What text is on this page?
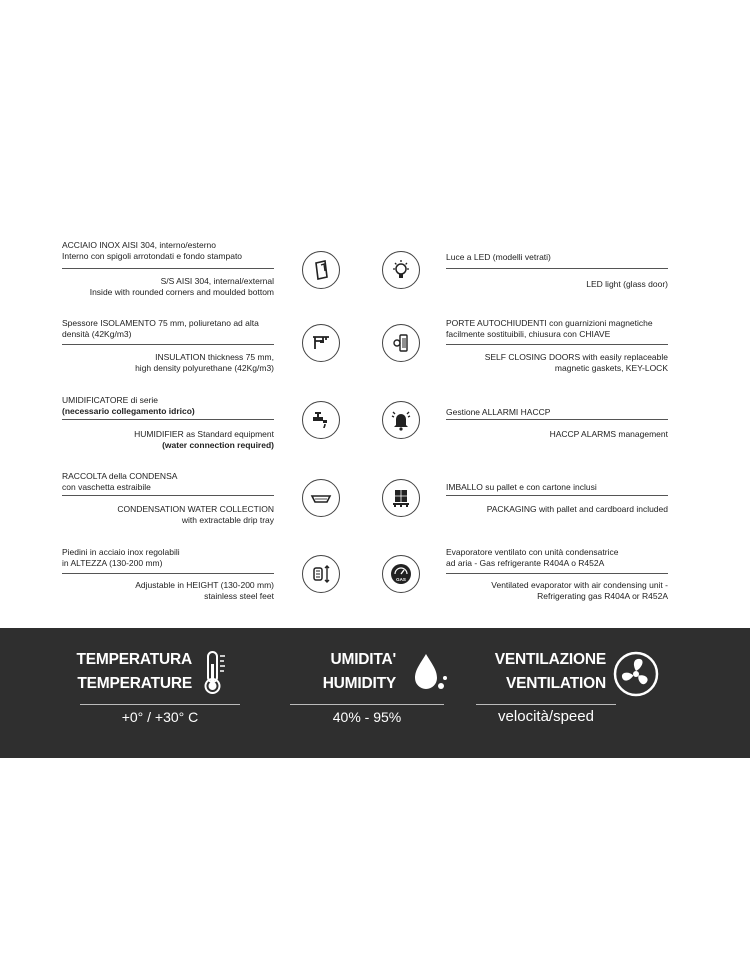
ACCIAIO INOX AISI 304, interno/esterno
Interno con spigoli arrotondati e fondo stampato
S/S AISI 304, internal/external
Inside with rounded corners and moulded bottom
Luce a LED (modelli vetrati)
LED light (glass door)
Spessore ISOLAMENTO 75 mm, poliuretano ad alta
densità (42Kg/m3)
INSULATION thickness 75 mm,
high density polyurethane (42Kg/m3)
PORTE AUTOCHIUDENTI con guarnizioni magnetiche
facilmente sostituibili, chiusura con CHIAVE
SELF CLOSING DOORS with easily replaceable
magnetic gaskets, KEY-LOCK
UMIDIFICATORE di serie
(necessario collegamento idrico)
HUMIDIFIER as Standard equipment
(water connection required)
Gestione ALLARMI HACCP
HACCP ALARMS management
RACCOLTA della CONDENSA
con vaschetta estraibile
CONDENSATION WATER COLLECTION
with extractable drip tray
IMBALLO su pallet e con cartone inclusi
PACKAGING with pallet and cardboard included
Piedini in acciaio inox regolabili
in ALTEZZA (130-200 mm)
Adjustable in HEIGHT (130-200 mm)
stainless steel feet
GAS
Evaporatore ventilato con unità condensatrice
ad aria - Gas refrigerante R404A o R452A
Ventilated evaporator with air condensing unit -
Refrigerating gas R404A or R452A
TEMPERATURA
TEMPERATURE
+0° / +30° C
UMIDITA'
HUMIDITY
40% - 95%
VENTILAZIONE
VENTILATION
velocità/speed
